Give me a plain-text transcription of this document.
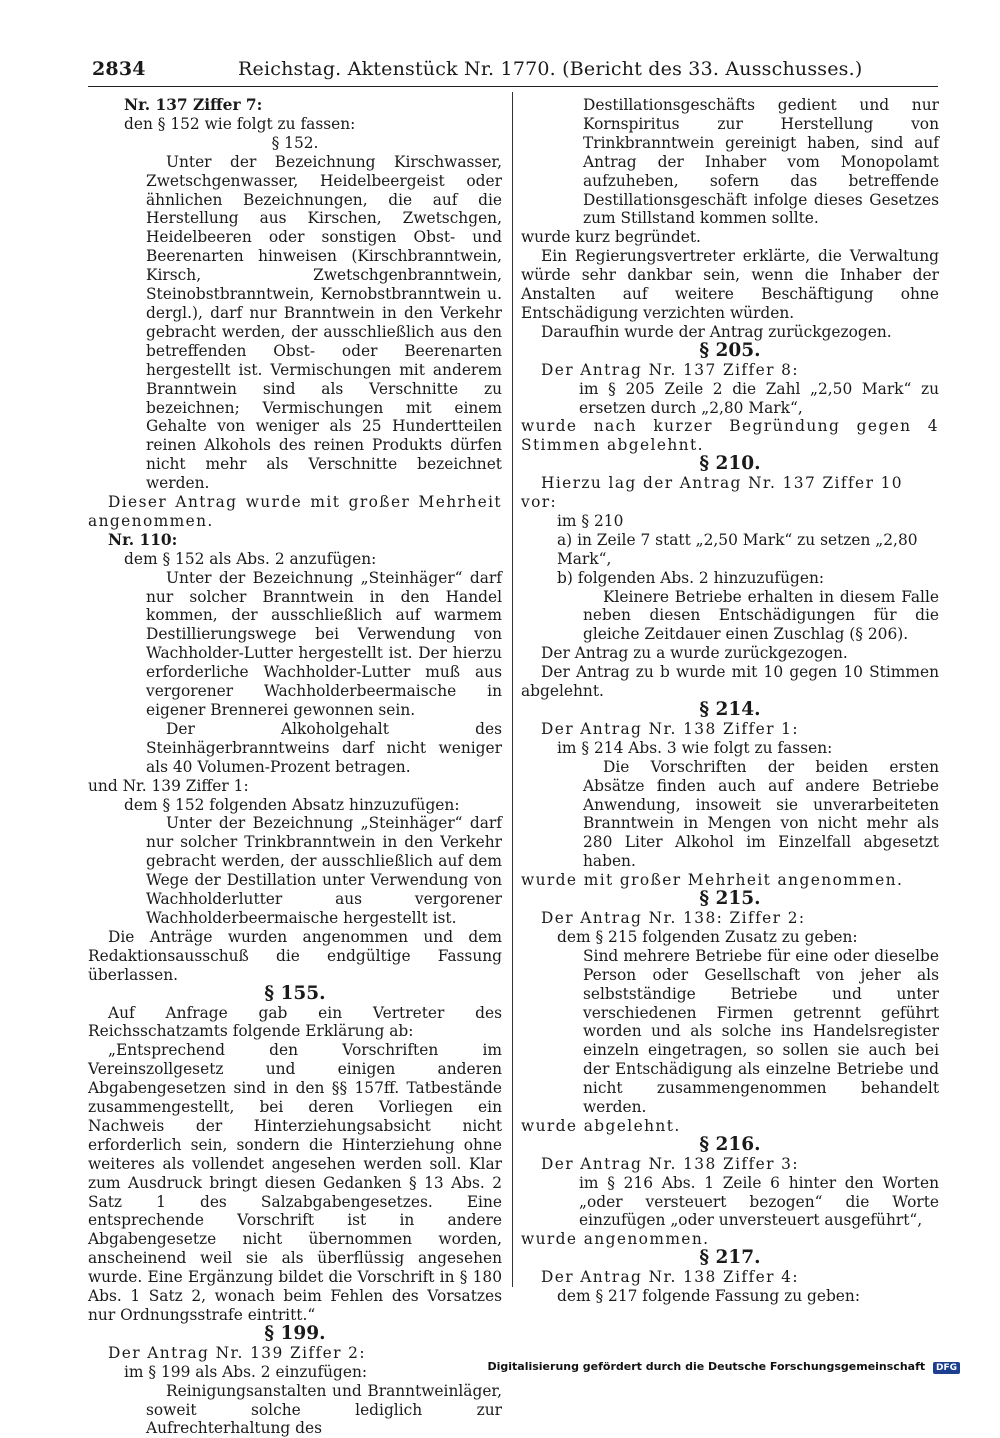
2834	Reichstag. Aktenstück Nr. 1770. (Bericht des 33. Ausschusses.)

Nr. 137 Ziffer 7:

den § 152 wie folgt zu fassen:

§ 152.

Unter der Bezeichnung Kirschwasser, Zwetschgenwasser, Heidelbeergeist oder ähnlichen Bezeichnungen, die auf die Herstellung aus Kirschen, Zwetschgen, Heidelbeeren oder sonstigen Obst- und Beerenarten hinweisen (Kirschbranntwein, Kirsch, Zwetschgenbranntwein, Steinobstbranntwein, Kernobstbranntwein u. dergl.), darf nur Branntwein in den Verkehr gebracht werden, der ausschließlich aus den betreffenden Obst- oder Beerenarten hergestellt ist. Vermischungen mit anderem Branntwein sind als Verschnitte zu bezeichnen; Vermischungen mit einem Gehalte von weniger als 25 Hundertteilen reinen Alkohols des reinen Produkts dürfen nicht mehr als Verschnitte bezeichnet werden.

Dieser Antrag wurde mit großer Mehrheit angenommen.

Nr. 110:

dem § 152 als Abs. 2 anzufügen:

Unter der Bezeichnung „Steinhäger“ darf nur solcher Branntwein in den Handel kommen, der ausschließlich auf warmem Destillierungswege bei Verwendung von Wachholder-Lutter hergestellt ist. Der hierzu erforderliche Wachholder-Lutter muß aus vergorener Wachholderbeermaische in eigener Brennerei gewonnen sein.

Der Alkoholgehalt des Steinhägerbranntweins darf nicht weniger als 40 Volumen-Prozent betragen.

und Nr. 139 Ziffer 1:

dem § 152 folgenden Absatz hinzuzufügen:

Unter der Bezeichnung „Steinhäger“ darf nur solcher Trinkbranntwein in den Verkehr gebracht werden, der ausschließlich auf dem Wege der Destillation unter Verwendung von Wachholderlutter aus vergorener Wachholderbeermaische hergestellt ist.

Die Anträge wurden angenommen und dem Redaktionsausschuß die endgültige Fassung überlassen.

§ 155.

Auf Anfrage gab ein Vertreter des Reichsschatzamts folgende Erklärung ab:

„Entsprechend den Vorschriften im Vereinszollgesetz und einigen anderen Abgabengesetzen sind in den §§ 157ff. Tatbestände zusammengestellt, bei deren Vorliegen ein Nachweis der Hinterziehungsabsicht nicht erforderlich sein, sondern die Hinterziehung ohne weiteres als vollendet angesehen werden soll. Klar zum Ausdruck bringt diesen Gedanken § 13 Abs. 2 Satz 1 des Salzabgabengesetzes. Eine entsprechende Vorschrift ist in andere Abgabengesetze nicht übernommen worden, anscheinend weil sie als überflüssig angesehen wurde. Eine Ergänzung bildet die Vorschrift in § 180 Abs. 1 Satz 2, wonach beim Fehlen des Vorsatzes nur Ordnungsstrafe eintritt.“

§ 199.

Der Antrag Nr. 139 Ziffer 2:

im § 199 als Abs. 2 einzufügen:

Reinigungsanstalten und Branntweinläger, soweit solche lediglich zur Aufrechterhaltung des

Destillationsgeschäfts gedient und nur Kornspiritus zur Herstellung von Trinkbranntwein gereinigt haben, sind auf Antrag der Inhaber vom Monopolamt aufzuheben, sofern das betreffende Destillationsgeschäft infolge dieses Gesetzes zum Stillstand kommen sollte.

wurde kurz begründet.

Ein Regierungsvertreter erklärte, die Verwaltung würde sehr dankbar sein, wenn die Inhaber der Anstalten auf weitere Beschäftigung ohne Entschädigung verzichten würden.

Daraufhin wurde der Antrag zurückgezogen.

§ 205.

Der Antrag Nr. 137 Ziffer 8:

im § 205 Zeile 2 die Zahl „2,50 Mark“ zu ersetzen durch „2,80 Mark“,

wurde nach kurzer Begründung gegen 4 Stimmen abgelehnt.

§ 210.

Hierzu lag der Antrag Nr. 137 Ziffer 10 vor:

im § 210

a) in Zeile 7 statt „2,50 Mark“ zu setzen „2,80 Mark“,

b) folgenden Abs. 2 hinzuzufügen:

Kleinere Betriebe erhalten in diesem Falle neben diesen Entschädigungen für die gleiche Zeitdauer einen Zuschlag (§ 206).

Der Antrag zu a wurde zurückgezogen.

Der Antrag zu b wurde mit 10 gegen 10 Stimmen abgelehnt.

§ 214.

Der Antrag Nr. 138 Ziffer 1:

im § 214 Abs. 3 wie folgt zu fassen:

Die Vorschriften der beiden ersten Absätze finden auch auf andere Betriebe Anwendung, insoweit sie unverarbeiteten Branntwein in Mengen von nicht mehr als 280 Liter Alkohol im Einzelfall abgesetzt haben.

wurde mit großer Mehrheit angenommen.

§ 215.

Der Antrag Nr. 138: Ziffer 2:

dem § 215 folgenden Zusatz zu geben:

Sind mehrere Betriebe für eine oder dieselbe Person oder Gesellschaft von jeher als selbstständige Betriebe und unter verschiedenen Firmen getrennt geführt worden und als solche ins Handelsregister einzeln eingetragen, so sollen sie auch bei der Entschädigung als einzelne Betriebe und nicht zusammengenommen behandelt werden.

wurde abgelehnt.

§ 216.

Der Antrag Nr. 138 Ziffer 3:

im § 216 Abs. 1 Zeile 6 hinter den Worten „oder versteuert bezogen“ die Worte einzufügen „oder unversteuert ausgeführt“,

wurde angenommen.

§ 217.

Der Antrag Nr. 138 Ziffer 4:

dem § 217 folgende Fassung zu geben:

Digitalisierung gefördert durch die Deutsche Forschungsgemeinschaft DFG
